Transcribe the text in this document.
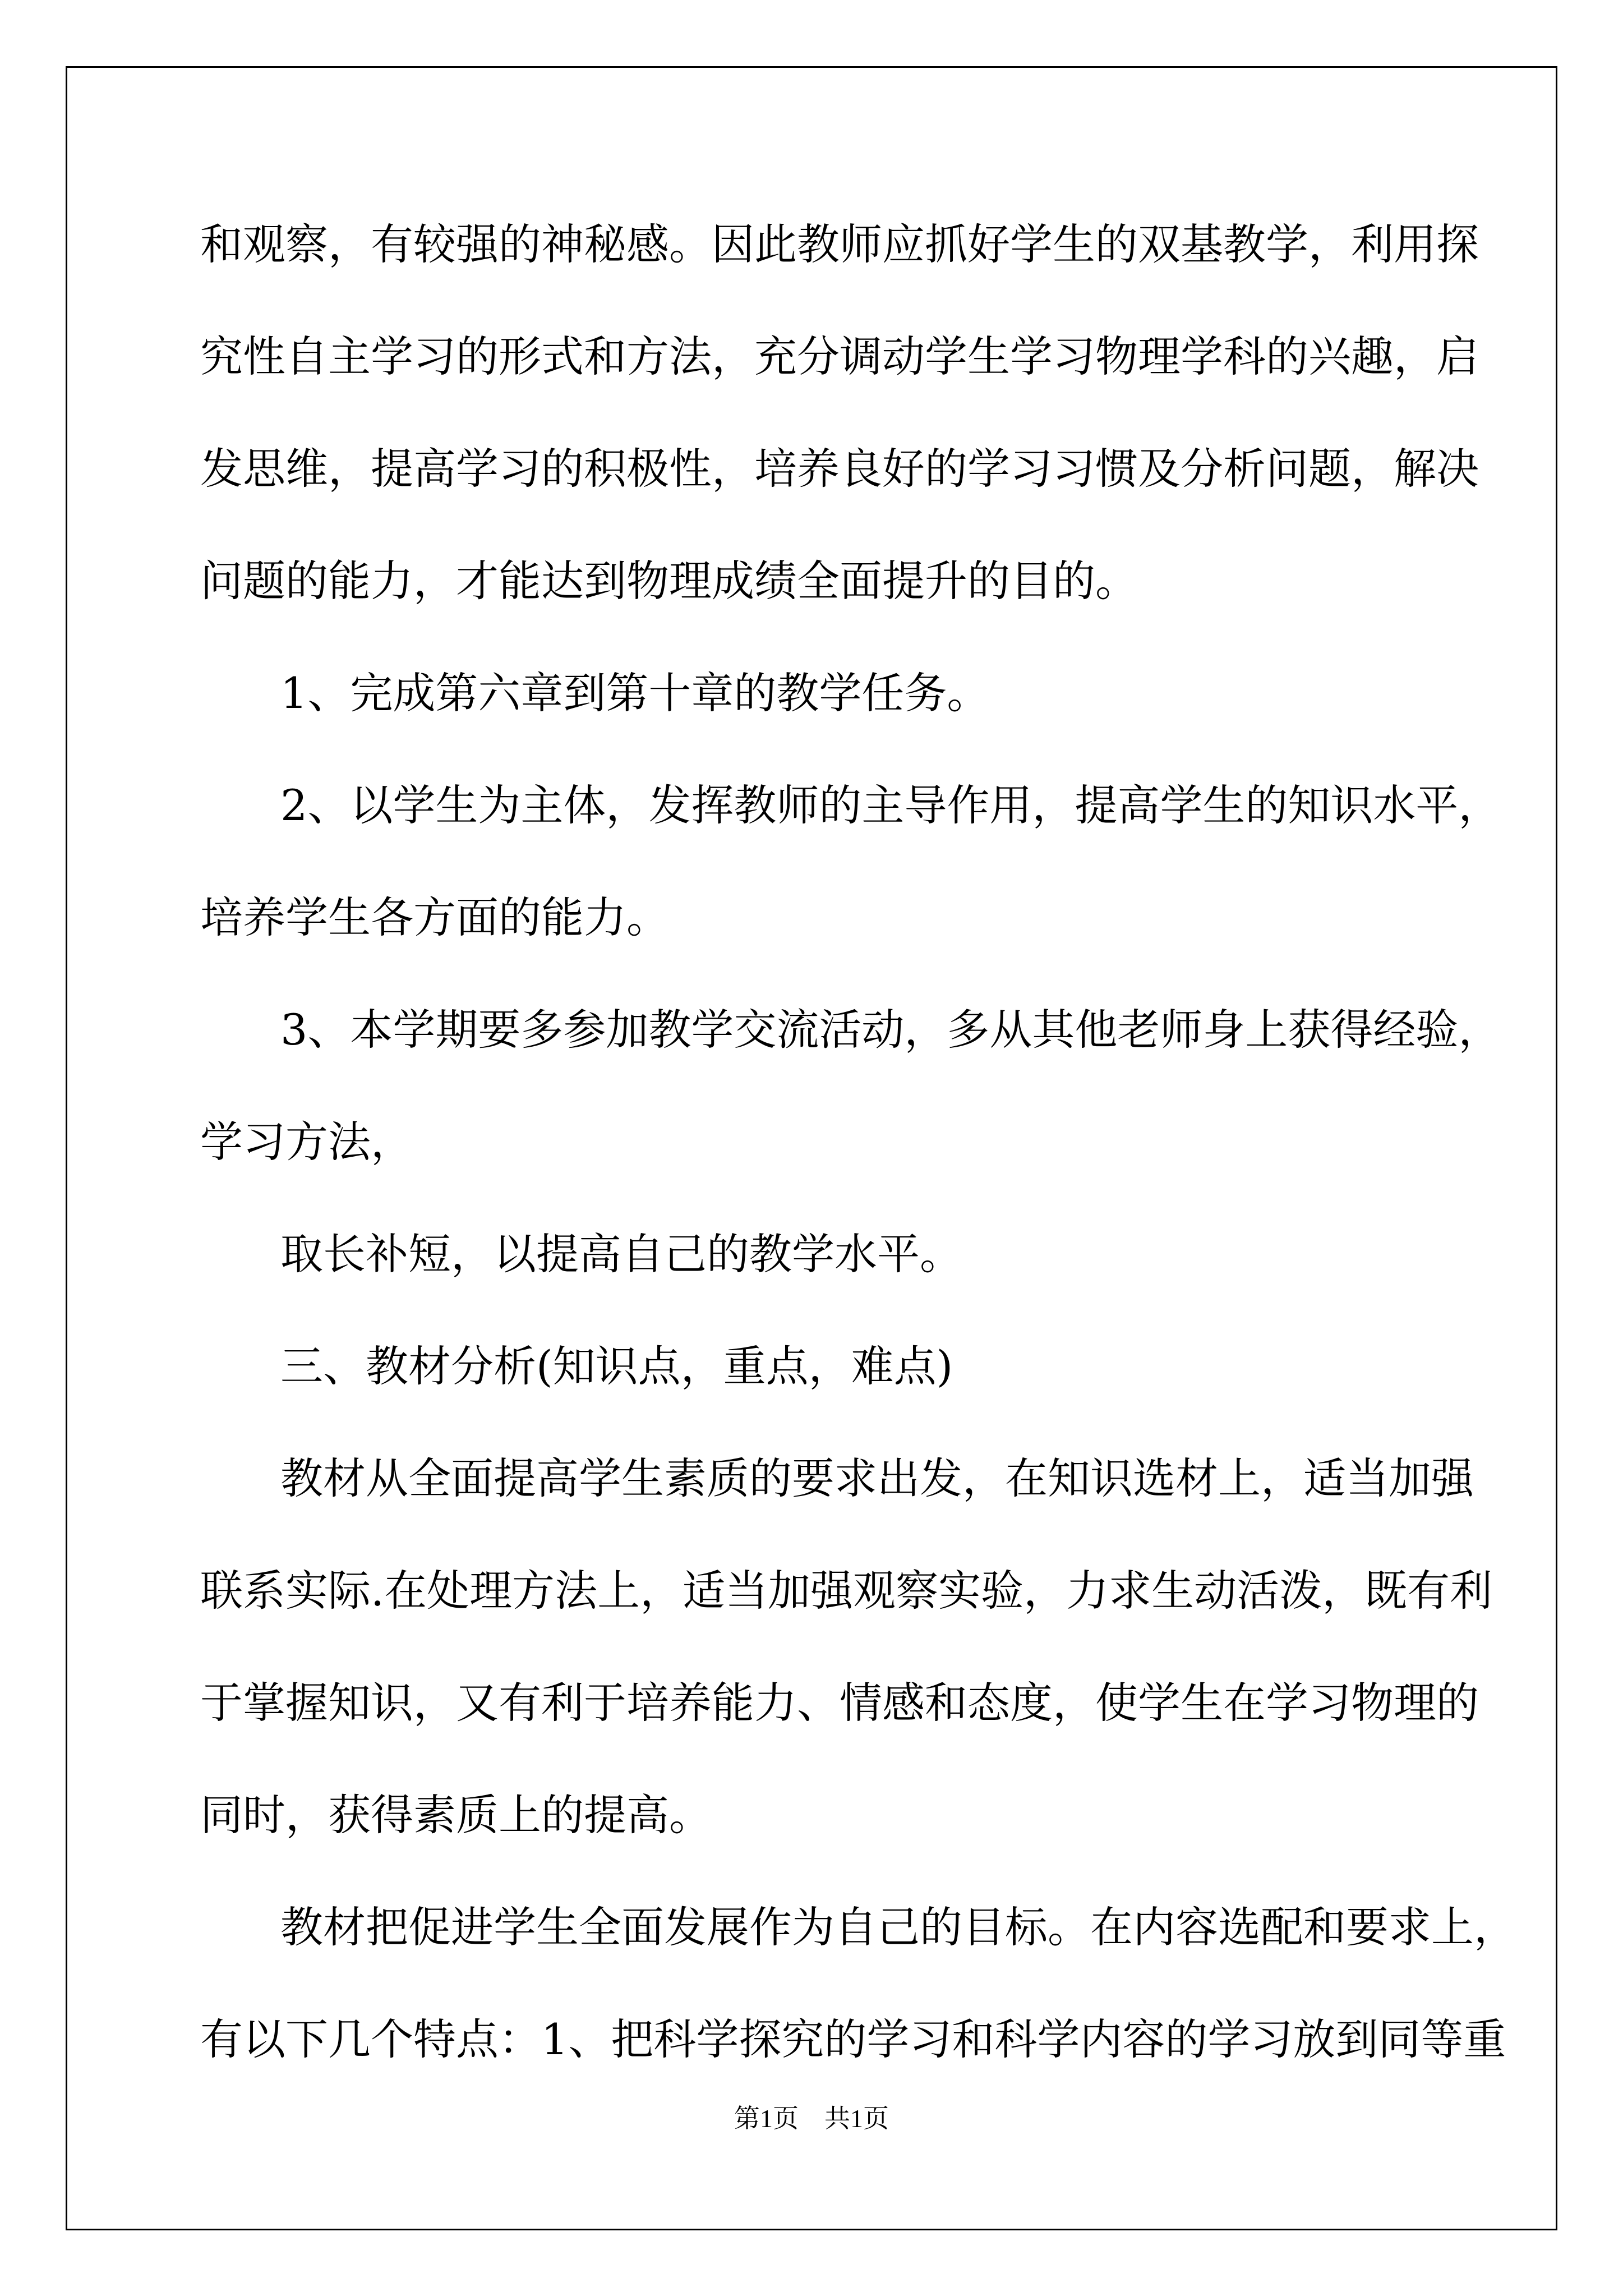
和观察，有较强的神秘感。因此教师应抓好学生的双基教学，利用探
究性自主学习的形式和方法，充分调动学生学习物理学科的兴趣，启
发思维，提高学习的积极性，培养良好的学习习惯及分析问题，解决
问题的能力，才能达到物理成绩全面提升的目的。
1、完成第六章到第十章的教学任务。
2、以学生为主体，发挥教师的主导作用，提高学生的知识水平，
培养学生各方面的能力。
3、本学期要多参加教学交流活动，多从其他老师身上获得经验，
学习方法，
取长补短，以提高自己的教学水平。
三、教材分析(知识点，重点，难点)
教材从全面提高学生素质的要求出发，在知识选材上，适当加强
联系实际.在处理方法上，适当加强观察实验，力求生动活泼，既有利
于掌握知识，又有利于培养能力、情感和态度，使学生在学习物理的
同时，获得素质上的提高。
教材把促进学生全面发展作为自己的目标。在内容选配和要求上，
有以下几个特点：1、把科学探究的学习和科学内容的学习放到同等重
第1页　共1页
